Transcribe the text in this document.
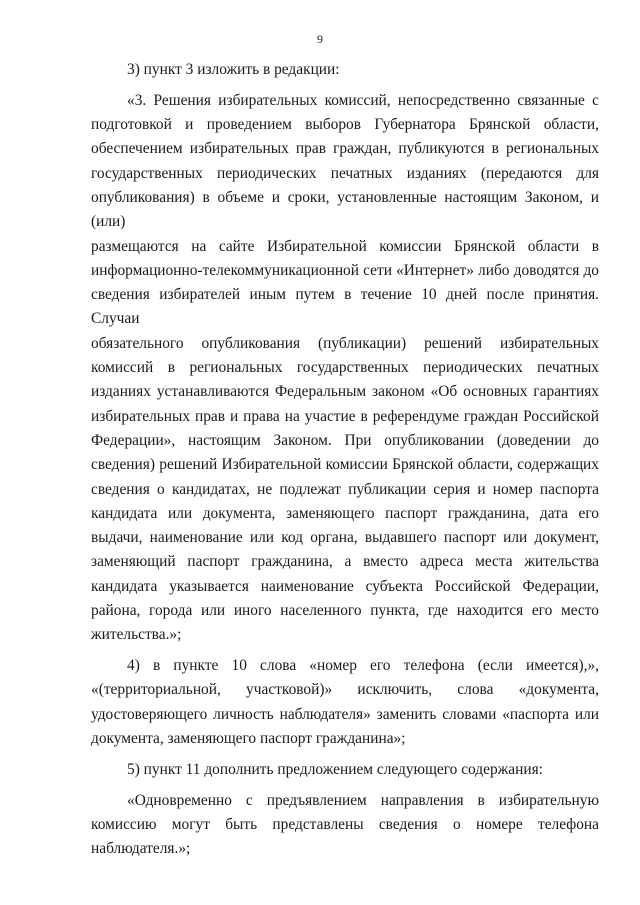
9
3) пункт 3 изложить в редакции:
«3. Решения избирательных комиссий, непосредственно связанные с
подготовкой и проведением выборов Губернатора Брянской области,
обеспечением избирательных прав граждан, публикуются в региональных
государственных периодических печатных изданиях (передаются для
опубликования) в объеме и сроки, установленные настоящим Законом, и (или)
размещаются на сайте Избирательной комиссии Брянской области в
информационно-телекоммуникационной сети «Интернет» либо доводятся до
сведения избирателей иным путем в течение 10 дней после принятия. Случаи
обязательного опубликования (публикации) решений избирательных
комиссий в региональных государственных периодических печатных
изданиях устанавливаются Федеральным законом «Об основных гарантиях
избирательных прав и права на участие в референдуме граждан Российской
Федерации», настоящим Законом. При опубликовании (доведении до
сведения) решений Избирательной комиссии Брянской области, содержащих
сведения о кандидатах, не подлежат публикации серия и номер паспорта
кандидата или документа, заменяющего паспорт гражданина, дата его
выдачи, наименование или код органа, выдавшего паспорт или документ,
заменяющий паспорт гражданина, а вместо адреса места жительства
кандидата указывается наименование субъекта Российской Федерации,
района, города или иного населенного пункта, где находится его место
жительства.»;
4) в пункте 10 слова «номер его телефона (если имеется),»,
«(территориальной, участковой)» исключить, слова «документа,
удостоверяющего личность наблюдателя» заменить словами «паспорта или
документа, заменяющего паспорт гражданина»;
5) пункт 11 дополнить предложением следующего содержания:
«Одновременно с предъявлением направления в избирательную
комиссию могут быть представлены сведения о номере телефона
наблюдателя.»;
